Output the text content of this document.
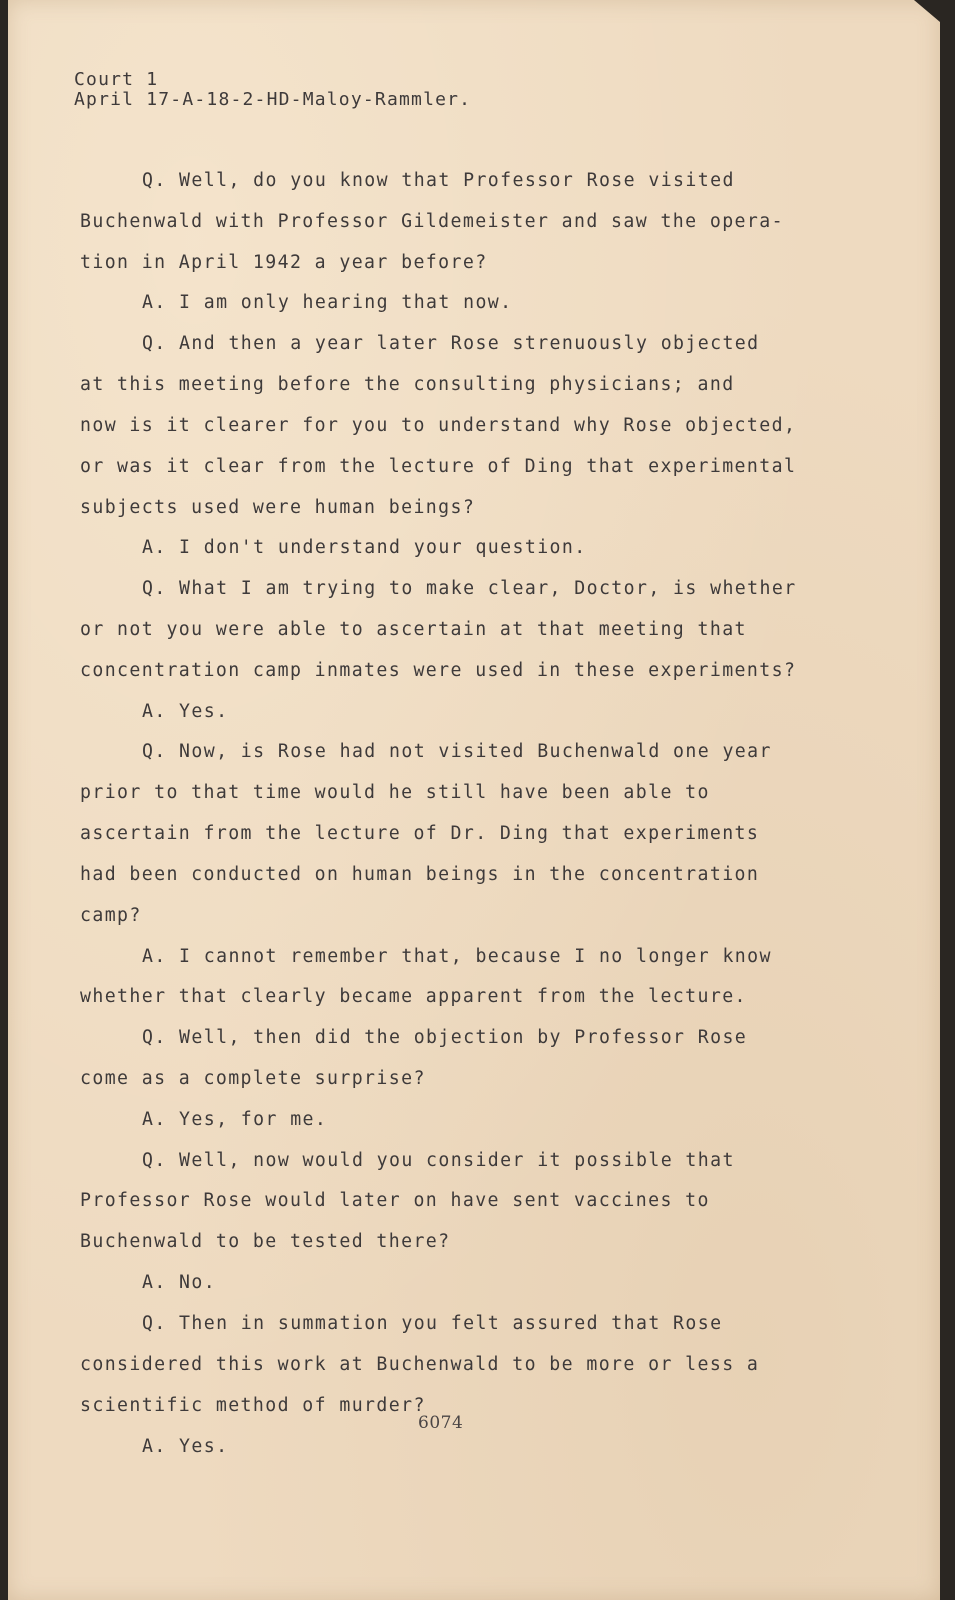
Court 1

April 17-A-18-2-HD-Maloy-Rammler.

Q. Well, do you know that Professor Rose visited

Buchenwald with Professor Gildemeister and saw the opera-

tion in April 1942 a year before?

A. I am only hearing that now.

Q. And then a year later Rose strenuously objected

at this meeting before the consulting physicians; and

now is it clearer for you to understand why Rose objected,

or was it clear from the lecture of Ding that experimental

subjects used were human beings?

A. I don't understand your question.

Q. What I am trying to make clear, Doctor, is whether

or not you were able to ascertain at that meeting that

concentration camp inmates were used in these experiments?

A. Yes.

Q. Now, is Rose had not visited Buchenwald one year

prior to that time would he still have been able to

ascertain from the lecture of Dr. Ding that experiments

had been conducted on human beings in the concentration

camp?

A. I cannot remember that, because I no longer know

whether that clearly became apparent from the lecture.

Q. Well, then did the objection by Professor Rose

come as a complete surprise?

A. Yes, for me.

Q. Well, now would you consider it possible that

Professor Rose would later on have sent vaccines to

Buchenwald to be tested there?

A. No.

Q. Then in summation you felt assured that Rose

considered this work at Buchenwald to be more or less a

scientific method of murder?

A. Yes.

6074
